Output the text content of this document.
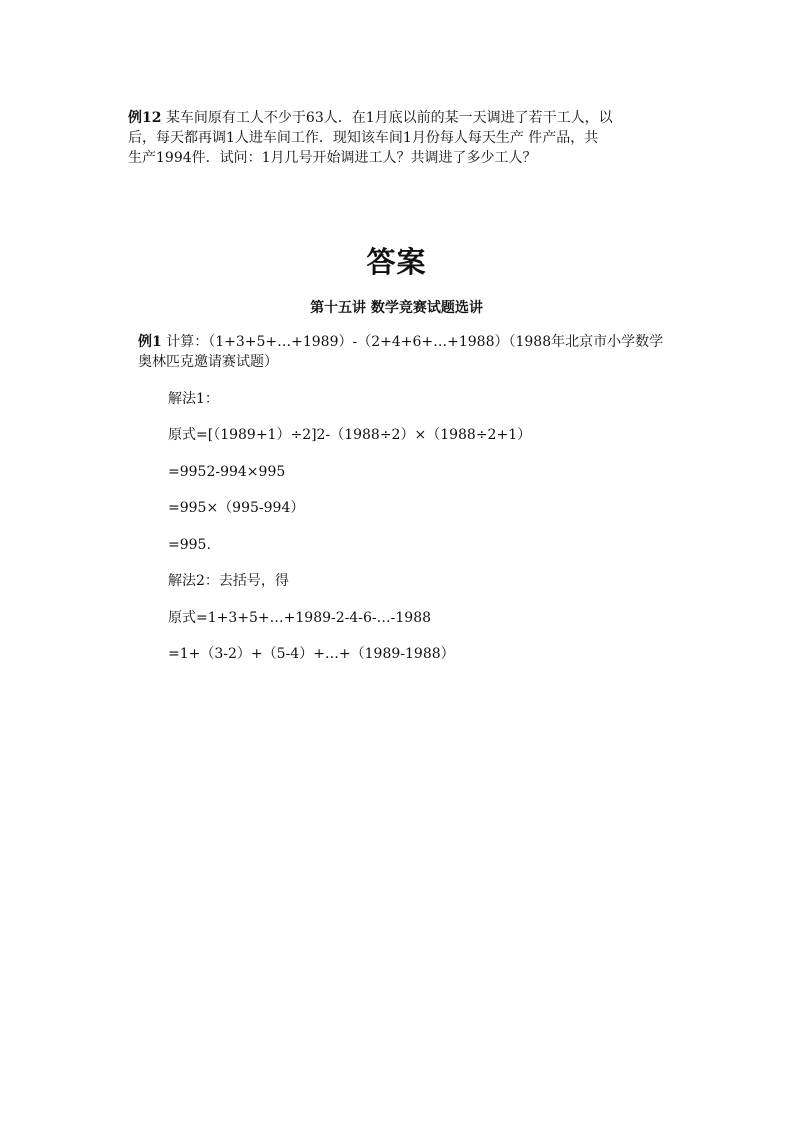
例12 某车间原有工人不少于63人．在1月底以前的某一天调进了若干工人，以
后，每天都再调1人进车间工作．现知该车间1月份每人每天生产 件产品，共
生产1994件．试问：1月几号开始调进工人？共调进了多少工人？
答案
第十五讲 数学竞赛试题选讲
例1 计算：（1+3+5+…+1989）-（2+4+6+…+1988）（1988年北京市小学数学
奥林匹克邀请赛试题）
解法1：
原式=[（1989+1）÷2]2-（1988÷2）×（1988÷2+1）
=9952-994×995
=995×（995-994）
=995.
解法2：去括号，得
原式=1+3+5+…+1989-2-4-6-…-1988
=1+（3-2）+（5-4）+…+（1989-1988）
